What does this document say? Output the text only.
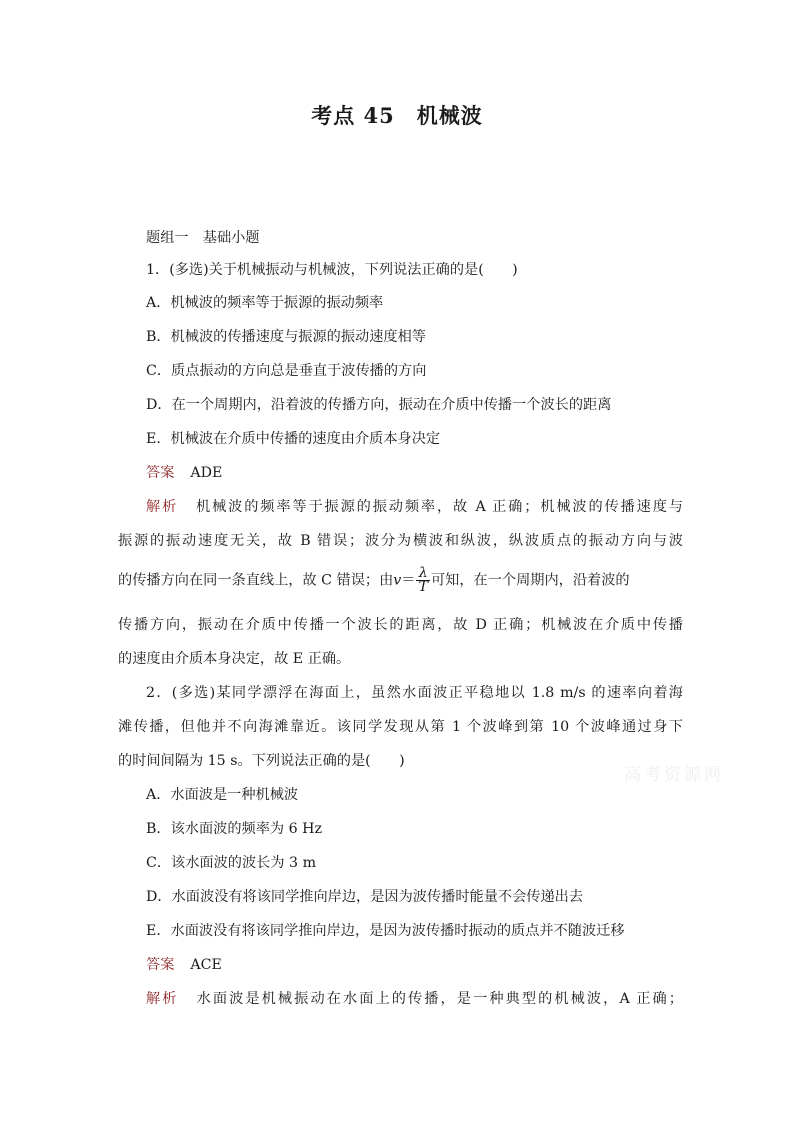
考点 45　机械波
题组一　基础小题
1．(多选)关于机械振动与机械波，下列说法正确的是(　　)
A．机械波的频率等于振源的振动频率
B．机械波的传播速度与振源的振动速度相等
C．质点振动的方向总是垂直于波传播的方向
D．在一个周期内，沿着波的传播方向，振动在介质中传播一个波长的距离
E．机械波在介质中传播的速度由介质本身决定
答案 ADE
解析 机械波的频率等于振源的振动频率，故 A 正确；机械波的传播速度与
振源的振动速度无关，故 B 错误；波分为横波和纵波，纵波质点的振动方向与波
的传播方向在同一条直线上，故 C 错误；由$v= \frac{\lambda}{T}$ 可知，在一个周期内，沿着波的
传播方向，振动在介质中传播一个波长的距离，故 D 正确；机械波在介质中传播
的速度由介质本身决定，故 E 正确。
2．(多选)某同学漂浮在海面上，虽然水面波正平稳地以 1.8 m/s 的速率向着海
滩传播，但他并不向海滩靠近。该同学发现从第 1 个波峰到第 10 个波峰通过身下
的时间间隔为 15 s。下列说法正确的是(　　)
A．水面波是一种机械波
B．该水面波的频率为 6 Hz
C．该水面波的波长为 3 m
D．水面波没有将该同学推向岸边，是因为波传播时能量不会传递出去
E．水面波没有将该同学推向岸边，是因为波传播时振动的质点并不随波迁移
答案 ACE
解析 水面波是机械振动在水面上的传播，是一种典型的机械波，A 正确；
高考资源网
